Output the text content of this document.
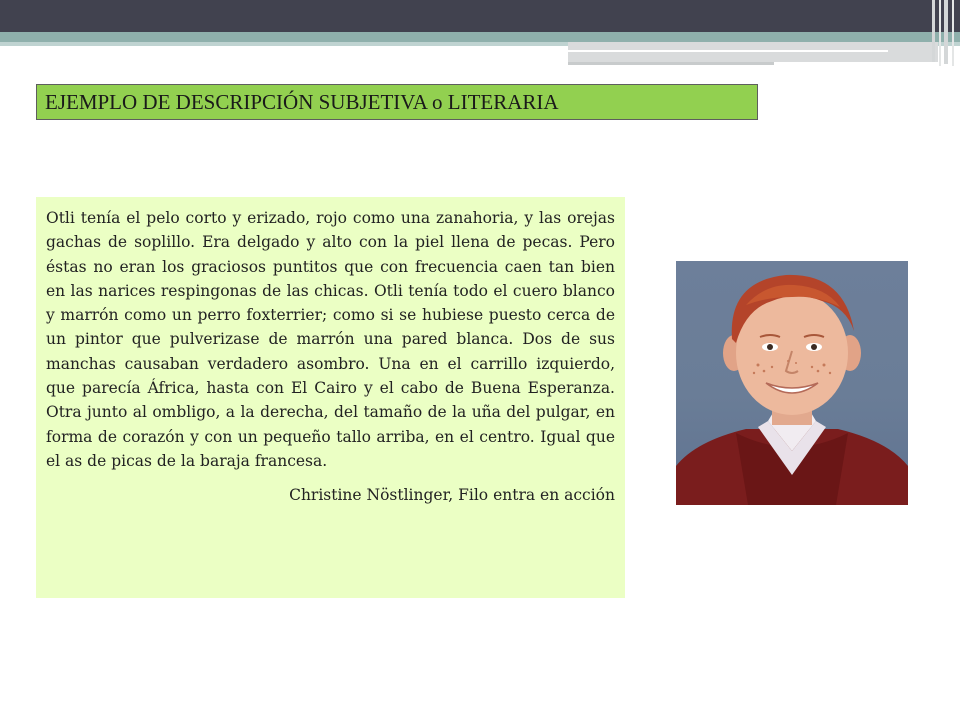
EJEMPLO DE DESCRIPCIÓN SUBJETIVA o LITERARIA

Otli tenía el pelo corto y erizado, rojo como una zanahoria, y las orejas gachas de soplillo. Era delgado y alto con la piel llena de pecas. Pero éstas no eran los graciosos puntitos que con frecuencia caen tan bien en las narices respingonas de las chicas. Otli tenía todo el cuero blanco y marrón como un perro foxterrier; como si se hubiese puesto cerca de un pintor que pulverizase de marrón una pared blanca. Dos de sus manchas causaban verdadero asombro. Una en el carrillo izquierdo, que parecía África, hasta con El Cairo y el cabo de Buena Esperanza. Otra junto al ombligo, a la derecha, del tamaño de la uña del pulgar, en forma de corazón y con un pequeño tallo arriba, en el centro. Igual que el as de picas de la baraja francesa.

Christine Nöstlinger, Filo entra en acción
